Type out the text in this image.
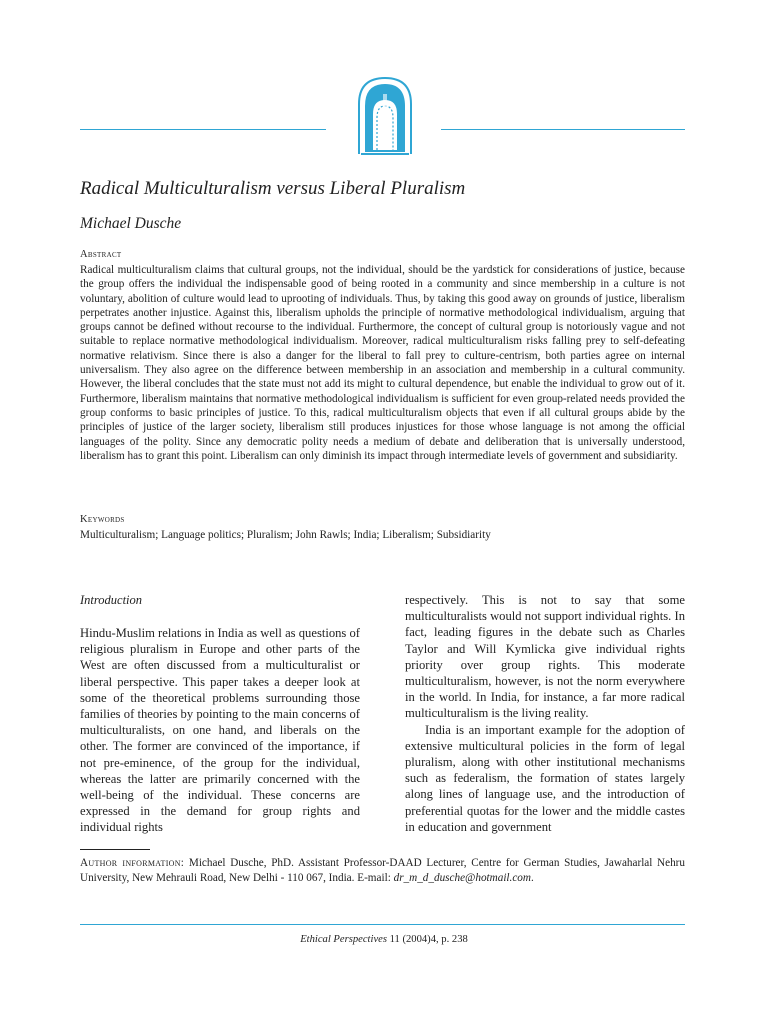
Radical Multiculturalism versus Liberal Pluralism
Michael Dusche
Abstract
Radical multiculturalism claims that cultural groups, not the individual, should be the yardstick for considerations of justice, because the group offers the individual the indispensable good of being rooted in a community and since membership in a culture is not voluntary, abolition of culture would lead to uprooting of individuals. Thus, by taking this good away on grounds of justice, liberalism perpetrates another injustice. Against this, liberalism upholds the principle of normative methodological individualism, arguing that groups cannot be defined without recourse to the individual. Furthermore, the concept of cultural group is notoriously vague and not suitable to replace normative methodological individualism. Moreover, radical multiculturalism risks falling prey to self-defeating normative relativism. Since there is also a danger for the liberal to fall prey to culture-centrism, both parties agree on internal universalism. They also agree on the difference between membership in an association and membership in a cultural community. However, the liberal concludes that the state must not add its might to cultural dependence, but enable the individual to grow out of it. Furthermore, liberalism maintains that normative methodological individualism is sufficient for even group-related needs provided the group conforms to basic principles of justice. To this, radical multiculturalism objects that even if all cultural groups abide by the principles of justice of the larger society, liberalism still produces injustices for those whose language is not among the official languages of the polity. Since any democratic polity needs a medium of debate and deliberation that is universally understood, liberalism has to grant this point. Liberalism can only diminish its impact through intermediate levels of government and subsidiarity.
Keywords
Multiculturalism; Language politics; Pluralism; John Rawls; India; Liberalism; Subsidiarity
Introduction

Hindu-Muslim relations in India as well as questions of religious pluralism in Europe and other parts of the West are often discussed from a multiculturalist or liberal perspective. This paper takes a deeper look at some of the theoretical problems surrounding those families of theories by pointing to the main concerns of multiculturalists, on one hand, and liberals on the other. The former are convinced of the importance, if not pre-eminence, of the group for the individual, whereas the latter are primarily concerned with the well-being of the individual. These concerns are expressed in the demand for group rights and individual rights

respectively. This is not to say that some multiculturalists would not support individual rights. In fact, leading figures in the debate such as Charles Taylor and Will Kymlicka give individual rights priority over group rights. This moderate multiculturalism, however, is not the norm everywhere in the world. In India, for instance, a far more radical multiculturalism is the living reality.

India is an important example for the adoption of extensive multicultural policies in the form of legal pluralism, along with other institutional mechanisms such as federalism, the formation of states largely along lines of language use, and the introduction of preferential quotas for the lower and the middle castes in education and government

Author information: Michael Dusche, PhD. Assistant Professor-DAAD Lecturer, Centre for German Studies, Jawaharlal Nehru University, New Mehrauli Road, New Delhi - 110 067, India. E-mail: dr_m_d_dusche@hotmail.com.
Ethical Perspectives 11 (2004)4, p. 238
